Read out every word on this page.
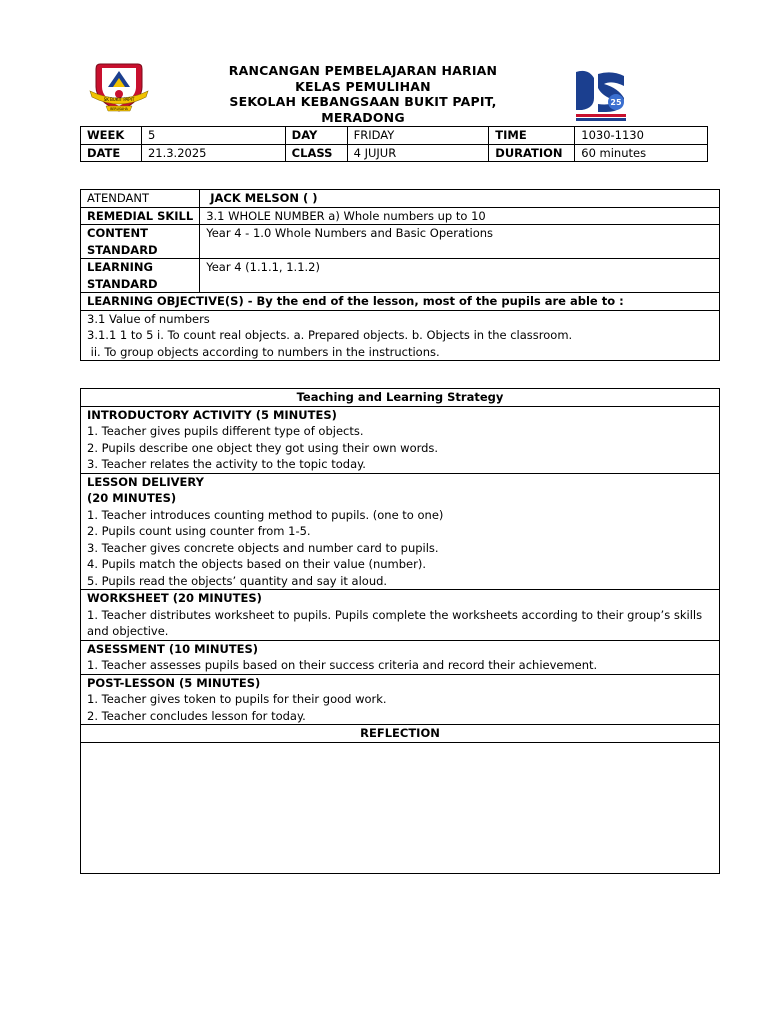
SK BUKIT PAPIT
BERUSAHA
RANCANGAN PEMBELAJARAN HARIAN
KELAS PEMULIHAN
SEKOLAH KEBANGSAAN BUKIT PAPIT,
MERADONG
25
WEEK	5	DAY	FRIDAY	TIME	1030-1130
DATE	21.3.2025	CLASS	4 JUJUR	DURATION	60 minutes
ATENDANT	JACK MELSON ( )
REMEDIAL SKILL	3.1 WHOLE NUMBER a) Whole numbers up to 10

CONTENT
STANDARD	Year 4 - 1.0 Whole Numbers and Basic Operations

LEARNING
STANDARD	Year 4 (1.1.1, 1.1.2)
LEARNING OBJECTIVE(S) - By the end of the lesson, most of the pupils are able to :	

3.1 Value of numbers
3.1.1 1 to 5 i. To count real objects. a. Prepared objects. b. Objects in the classroom.
ii. To group objects according to numbers in the instructions.	
Teaching and Learning Strategy

INTRODUCTORY ACTIVITY (5 MINUTES)
1. Teacher gives pupils different type of objects.
2. Pupils describe one object they got using their own words.
3. Teacher relates the activity to the topic today.

LESSON DELIVERY
(20 MINUTES)
1. Teacher introduces counting method to pupils. (one to one)
2. Pupils count using counter from 1-5.
3. Teacher gives concrete objects and number card to pupils.
4. Pupils match the objects based on their value (number).
5. Pupils read the objects’ quantity and say it aloud.

WORKSHEET (20 MINUTES)
1. Teacher distributes worksheet to pupils. Pupils complete the worksheets according to their group’s skills
and objective.

ASESSMENT (10 MINUTES)
1. Teacher assesses pupils based on their success criteria and record their achievement.

POST-LESSON (5 MINUTES)
1. Teacher gives token to pupils for their good work.
2. Teacher concludes lesson for today.

REFLECTION
